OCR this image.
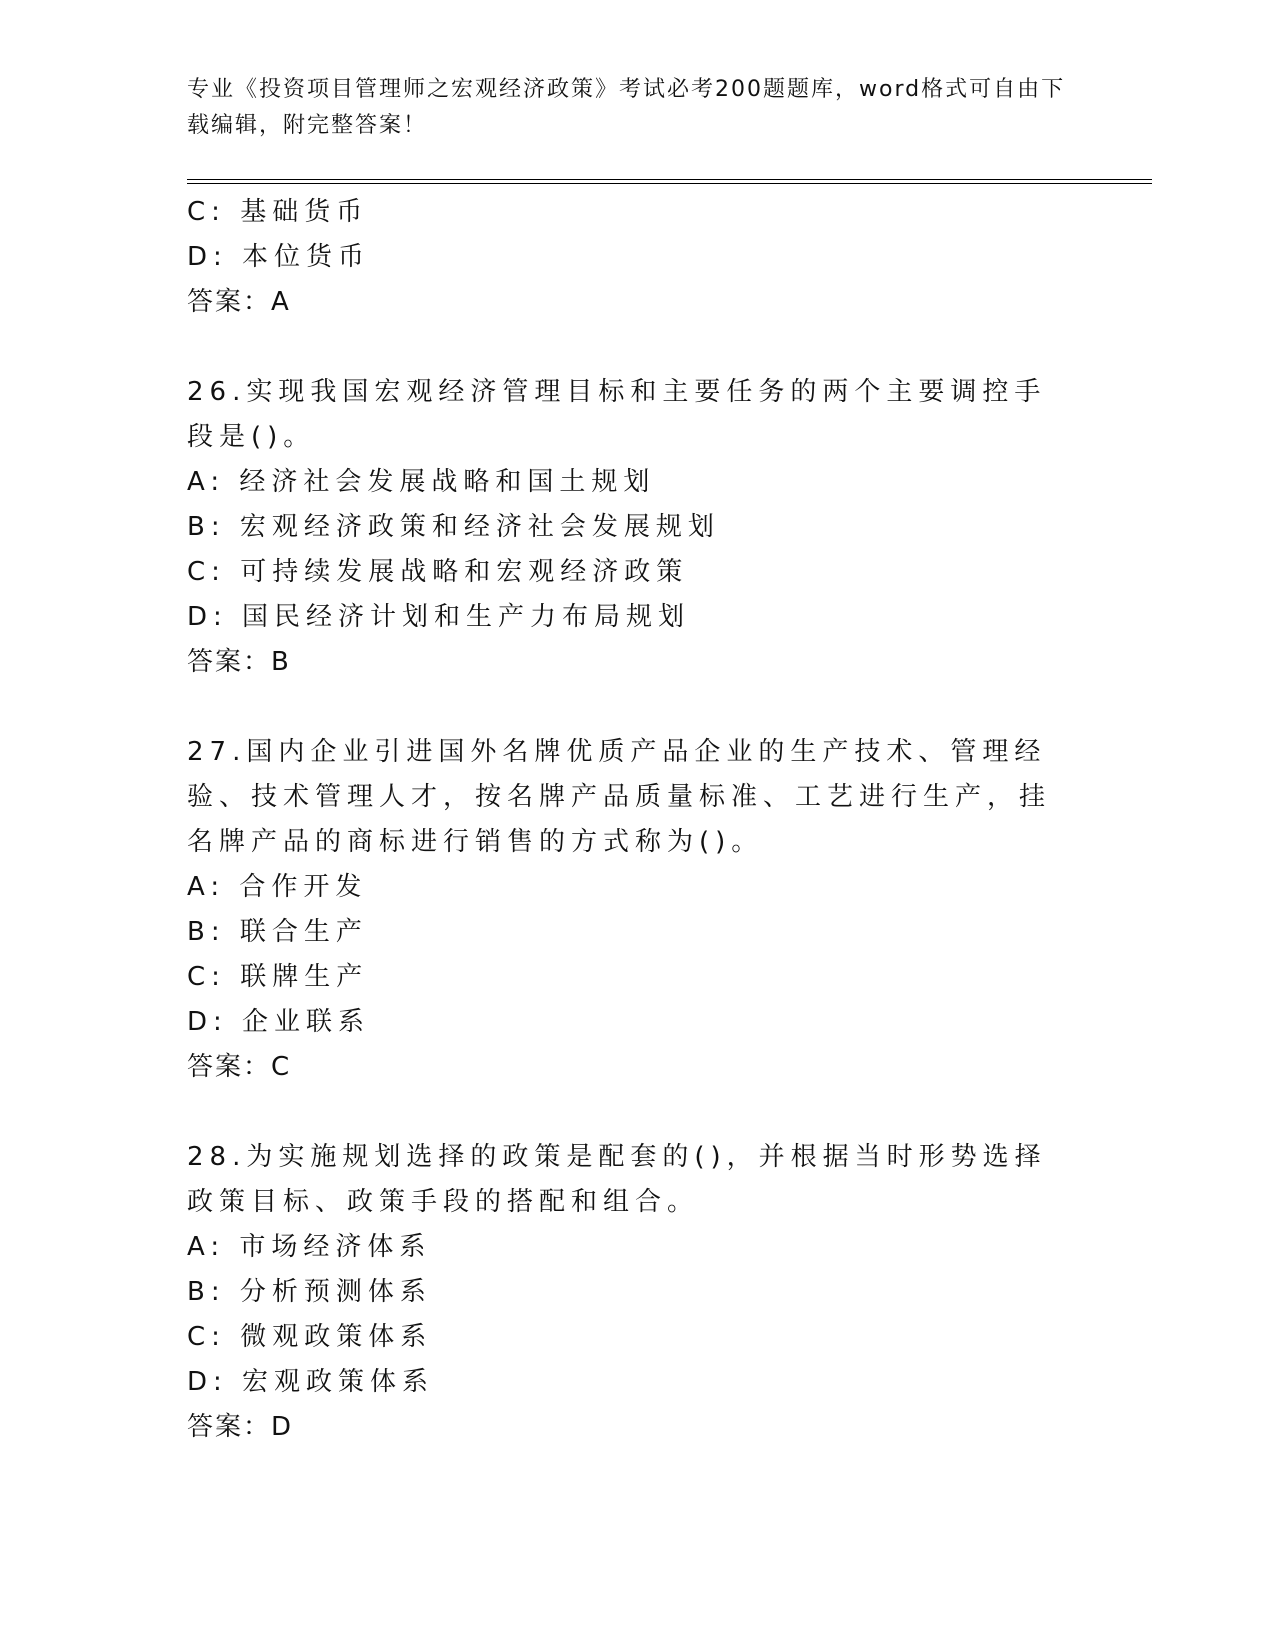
专业《投资项目管理师之宏观经济政策》考试必考200题题库，word格式可自由下载编辑，附完整答案！
C: 基础货币
D: 本位货币
答案：A
26.实现我国宏观经济管理目标和主要任务的两个主要调控手段是()。
A: 经济社会发展战略和国土规划
B: 宏观经济政策和经济社会发展规划
C: 可持续发展战略和宏观经济政策
D: 国民经济计划和生产力布局规划
答案：B
27.国内企业引进国外名牌优质产品企业的生产技术、管理经验、技术管理人才，按名牌产品质量标准、工艺进行生产，挂名牌产品的商标进行销售的方式称为()。
A: 合作开发
B: 联合生产
C: 联牌生产
D: 企业联系
答案：C
28.为实施规划选择的政策是配套的()，并根据当时形势选择政策目标、政策手段的搭配和组合。
A: 市场经济体系
B: 分析预测体系
C: 微观政策体系
D: 宏观政策体系
答案：D
